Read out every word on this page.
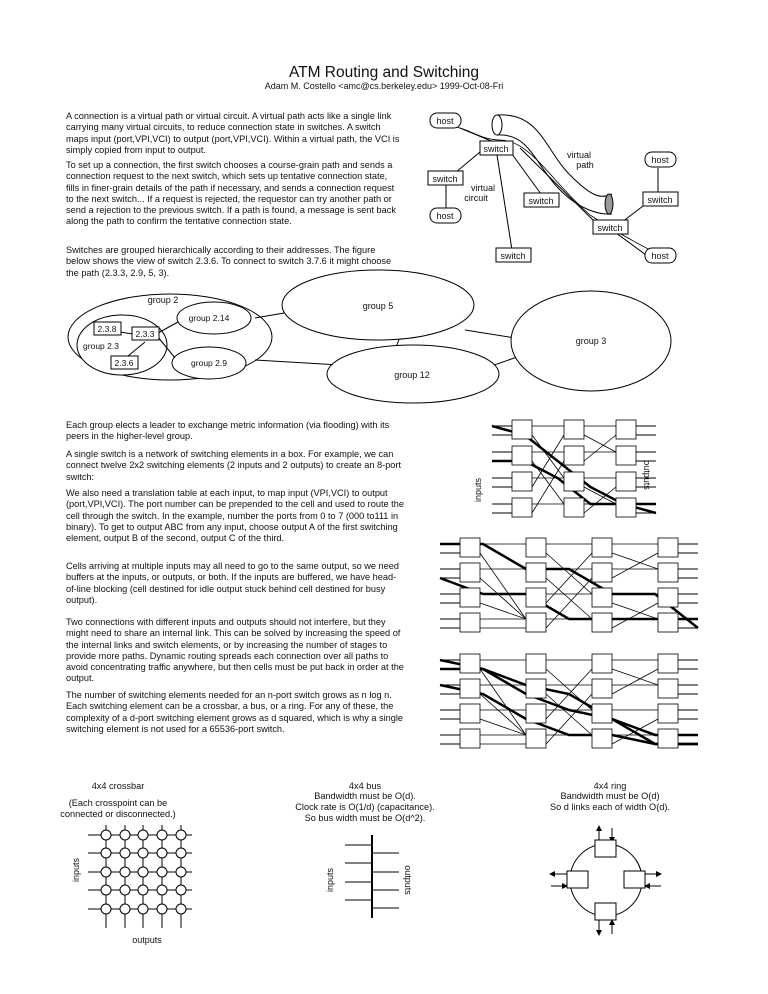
ATM Routing and Switching
Adam M. Costello <amc@cs.berkeley.edu> 1999-Oct-08-Fri

A connection is a virtual path or virtual circuit. A virtual path acts like a single link carrying many virtual circuits, to reduce connection state in switches. A switch maps input (port,VPI,VCI) to output (port,VPI,VCI). Within a virtual path, the VCI is simply copied from input to output.

To set up a connection, the first switch chooses a course-grain path and sends a connection request to the next switch, which sets up tentative connection state, fills in finer-grain details of the path if necessary, and sends a connection request to the next switch... If a request is rejected, the requestor can try another path or send a rejection to the previous switch. If a path is found, a message is sent back along the path to confirm the tentative connection state.

Switches are grouped hierarchically according to their addresses. The figure below shows the view of switch 2.3.6. To connect to switch 3.7.6 it might choose the path (2.3.3, 2.9, 5, 3).

host
switch
switch
host
switch
switch
switch
host
host
switch
virtual
path
virtual
circuit
group 2
group 5
group 3
group 12
group 2.14
group 2.9
group 2.3
2.3.8 2.3.3
2.3.6

Each group elects a leader to exchange metric information (via flooding) with its peers in the higher-level group.

A single switch is a network of switching elements in a box. For example, we can connect twelve 2x2 switching elements (2 inputs and 2 outputs) to create an 8-port switch:

We also need a translation table at each input, to map input (VPI,VCI) to output (port,VPI,VCI). The port number can be prepended to the cell and used to route the cell through the switch. In the example, number the ports from 0 to 7 (000 to111 in binary). To get to output ABC from any input, choose output A of the first switching element, output B of the second, output C of the third.

Cells arriving at multiple inputs may all need to go to the same output, so we need buffers at the inputs, or outputs, or both. If the inputs are buffered, we have head-of-line blocking (cell destined for idle output stuck behind cell destined for busy output).

Two connections with different inputs and outputs should not interfere, but they might need to share an internal link. This can be solved by increasing the speed of the internal links and switch elements, or by increasing the number of stages to provide more paths. Dynamic routing spreads each connection over all paths to avoid concentrating traffic anywhere, but then cells must be put back in order at the output.

The number of switching elements needed for an n-port switch grows as n log n. Each switching element can be a crossbar, a bus, or a ring. For any of these, the complexity of a d-port switching element grows as d squared, which is why a single switching element is not used for a 65536-port switch.

inputs
outputs
4x4 crossbar
(Each crosspoint can be
connected or disconnected.)
inputs
outputs
4x4 bus
Bandwidth must be O(d).
Clock rate is O(1/d) (capacitance).
So bus width must be O(d^2).
inputs	outputs
4x4 ring
Bandwidth must be O(d)
So d links each of width O(d).
